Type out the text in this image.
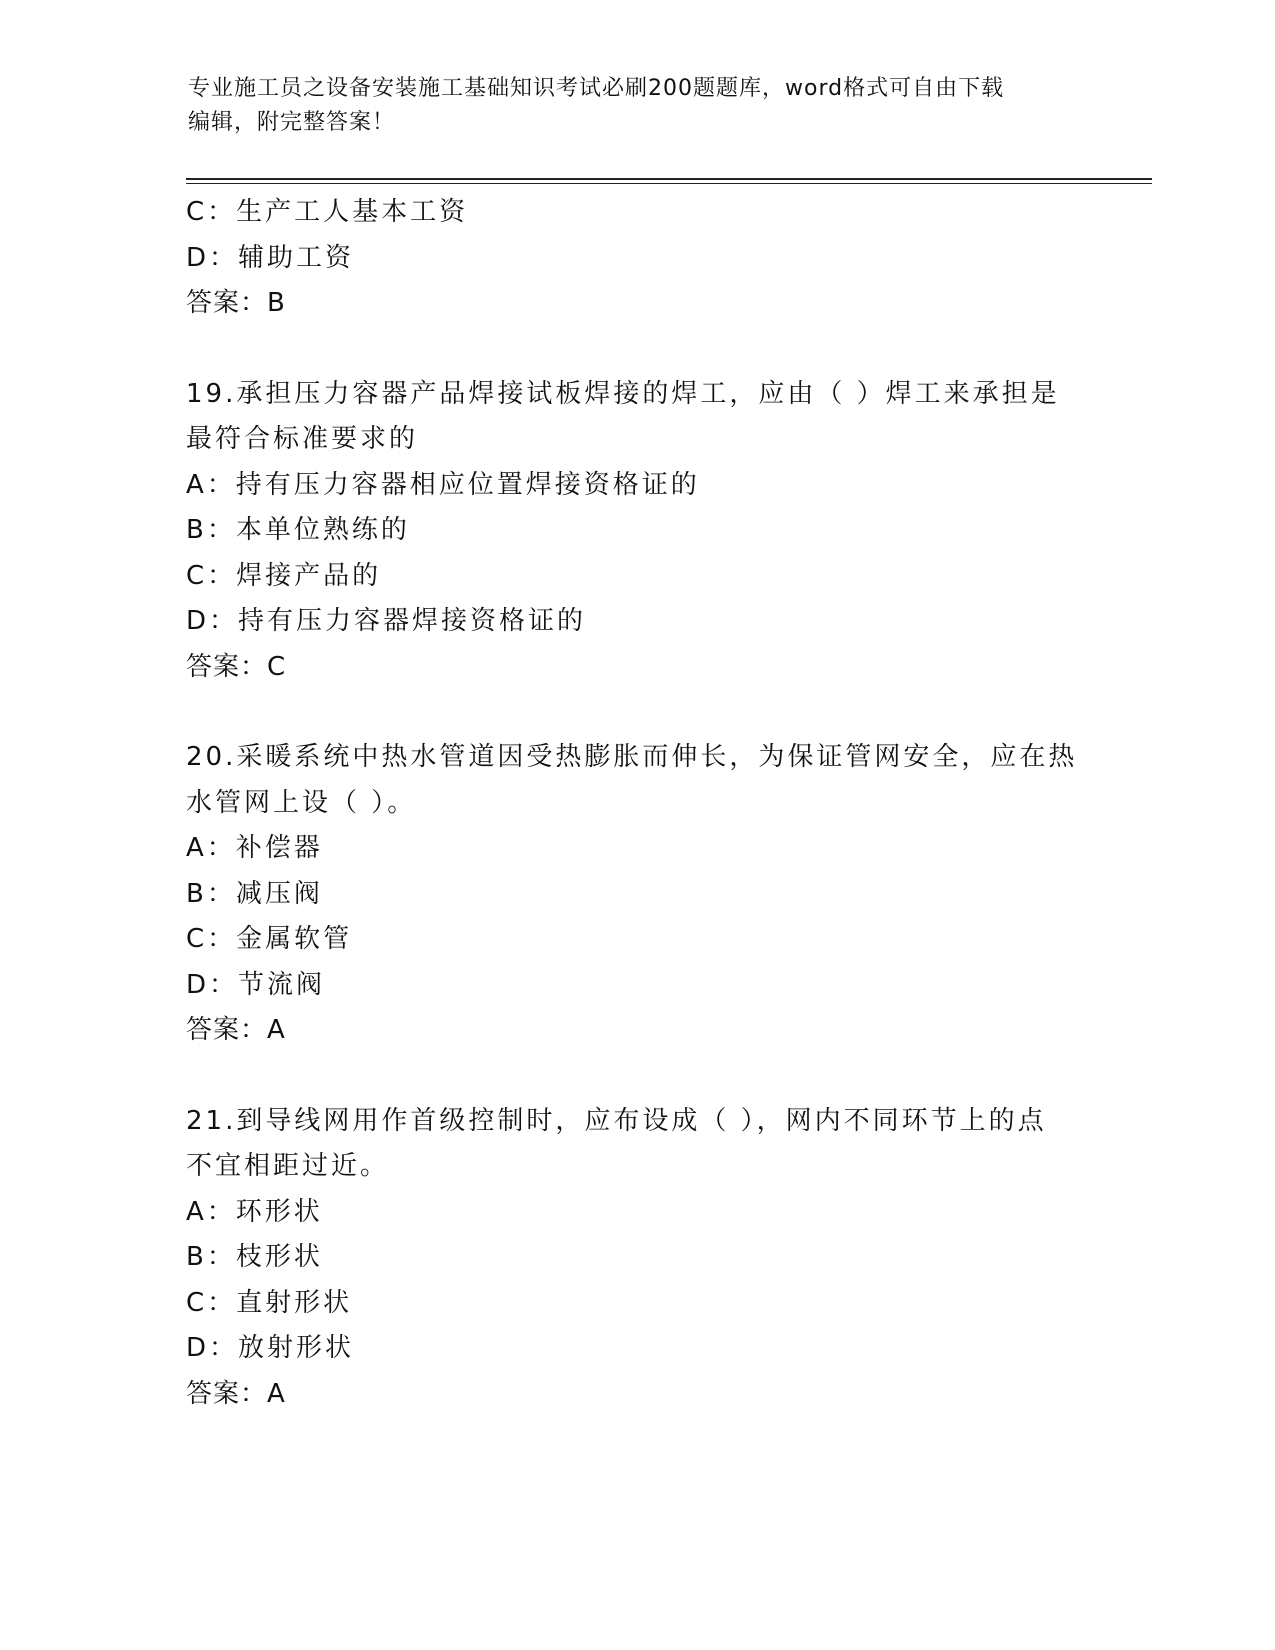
专业施工员之设备安装施工基础知识考试必刷200题题库，word格式可自由下载
编辑，附完整答案！
C：生产工人基本工资
D：辅助工资
答案：B
19.承担压力容器产品焊接试板焊接的焊工，应由（ ）焊工来承担是
最符合标准要求的
A：持有压力容器相应位置焊接资格证的
B：本单位熟练的
C：焊接产品的
D：持有压力容器焊接资格证的
答案：C
20.采暖系统中热水管道因受热膨胀而伸长，为保证管网安全，应在热
水管网上设（ ）。
A：补偿器
B：减压阀
C：金属软管
D：节流阀
答案：A
21.到导线网用作首级控制时，应布设成（ ），网内不同环节上的点
不宜相距过近。
A：环形状
B：枝形状
C：直射形状
D：放射形状
答案：A
